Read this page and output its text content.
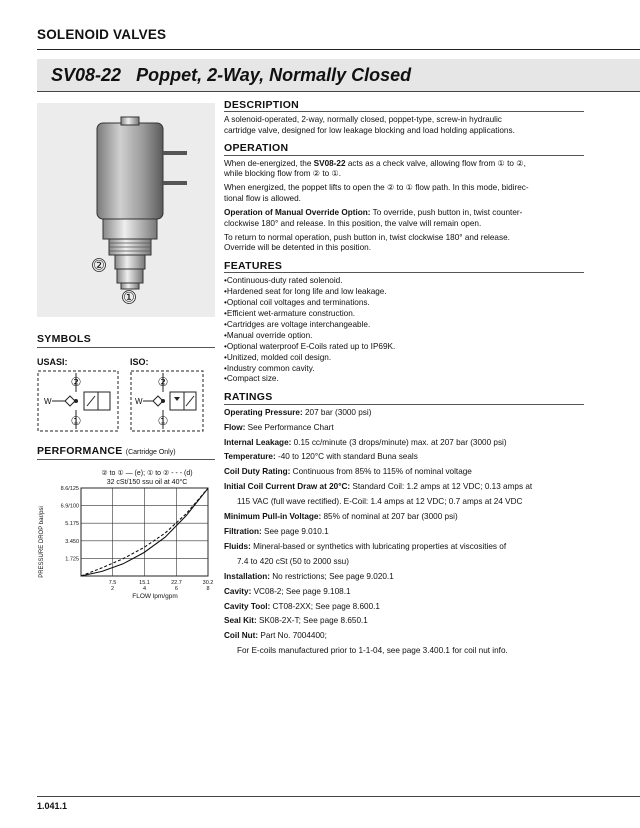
SOLENOID VALVES
SV08-22 Poppet, 2-Way, Normally Closed
②
①
DESCRIPTION

A solenoid-operated, 2-way, normally closed, poppet-type, screw-in hydraulic
cartridge valve, designed for low leakage blocking and load holding applications.

OPERATION

When de-energized, the SV08-22 acts as a check valve, allowing flow from ① to ②,
while blocking flow from ② to ①.

When energized, the poppet lifts to open the ② to ① flow path. In this mode, bidirec-
tional flow is allowed.

Operation of Manual Override Option: To override, push button in, twist counter-
clockwise 180° and release. In this position, the valve will remain open.

To return to normal operation, push button in, twist clockwise 180° and release.
Override will be detented in this position.

FEATURES
• Continuous-duty rated solenoid.
• Hardened seat for long life and low leakage.
• Optional coil voltages and terminations.
• Efficient wet-armature construction.
• Cartridges are voltage interchangeable.
• Manual override option.
• Optional waterproof E-Coils rated up to IP69K.
• Unitized, molded coil design.
• Industry common cavity.
• Compact size.
RATINGS

Operating Pressure: 207 bar (3000 psi)

Flow: See Performance Chart

Internal Leakage: 0.15 cc/minute (3 drops/minute) max. at 207 bar (3000 psi)

Temperature: -40 to 120°C with standard Buna seals

Coil Duty Rating: Continuous from 85% to 115% of nominal voltage

Initial Coil Current Draw at 20°C: Standard Coil: 1.2 amps at 12 VDC; 0.13 amps at

115 VAC (full wave rectified). E-Coil: 1.4 amps at 12 VDC; 0.7 amps at 24 VDC

Minimum Pull-in Voltage: 85% of nominal at 207 bar (3000 psi)

Filtration: See page 9.010.1

Fluids: Mineral-based or synthetics with lubricating properties at viscosities of

7.4 to 420 cSt (50 to 2000 ssu)

Installation: No restrictions; See page 9.020.1

Cavity: VC08-2; See page 9.108.1

Cavity Tool: CT08-2XX; See page 8.600.1

Seal Kit: SK08-2X-T; See page 8.650.1

Coil Nut: Part No. 7004400;

For E-coils manufactured prior to 1-1-04, see page 3.400.1 for coil nut info.

SYMBOLS
USASI:	ISO:
②
①
W
②
①
W
PERFORMANCE (Cartridge Only)
② to ① — (e); ① to ② - - - (d)
32 cSt/150 ssu oil at 40°C
PRESSURE DROP bar/psi
FLOW lpm/gpm
1.725
3.450
5.175
6.9/100
8.6/125
7.5
2
15.1
4
22.7
6
30.2
8
1.041.1
